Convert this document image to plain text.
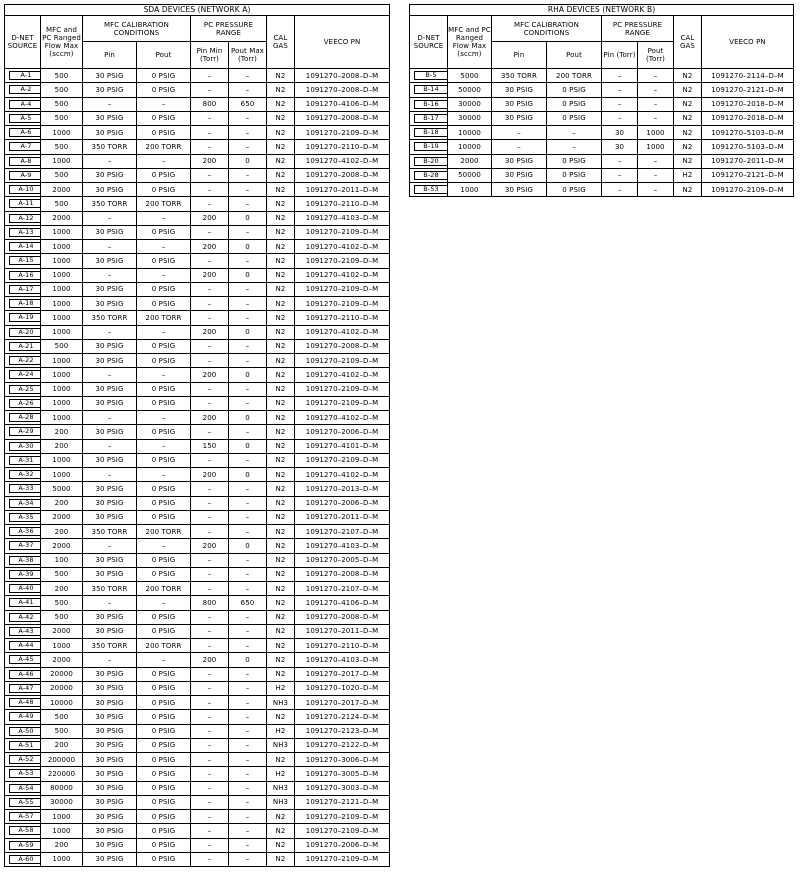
SDA DEVICES (NETWORK A)							
D-NET SOURCE	MFC and PC Ranged Flow Max (sccm)	MFC CALIBRATION CONDITIONS		PC PRESSURE RANGE		CAL GAS	VEECO PN
		Pin	Pout	Pin Min (Torr)	Pout Max (Torr)		
A-1	500	30 PSIG	0 PSIG	–	–	N2	1091270–2008–D–M
A-2	500	30 PSIG	0 PSIG	–	–	N2	1091270–2008–D–M
A-4	500	–	–	800	650	N2	1091270–4106–D–M
A-5	500	30 PSIG	0 PSIG	–	–	N2	1091270–2008–D–M
A-6	1000	30 PSIG	0 PSIG	–	–	N2	1091270–2109–D–M
A-7	500	350 TORR	200 TORR	–	–	N2	1091270–2110–D–M
A-8	1000	–	–	200	0	N2	1091270–4102–D–M
A-9	500	30 PSIG	0 PSIG	–	–	N2	1091270–2008–D–M
A-10	2000	30 PSIG	0 PSIG	–	–	N2	1091270–2011–D–M
A-11	500	350 TORR	200 TORR	–	–	N2	1091270–2110–D–M
A-12	2000	–	–	200	0	N2	1091270–4103–D–M
A-13	1000	30 PSIG	0 PSIG	–	–	N2	1091270–2109–D–M
A-14	1000	–	–	200	0	N2	1091270–4102–D–M
A-15	1000	30 PSIG	0 PSIG	–	–	N2	1091270–2109–D–M
A-16	1000	–	–	200	0	N2	1091270–4102–D–M
A-17	1000	30 PSIG	0 PSIG	–	–	N2	1091270–2109–D–M
A-18	1000	30 PSIG	0 PSIG	–	–	N2	1091270–2109–D–M
A-19	1000	350 TORR	200 TORR	–	–	N2	1091270–2110–D–M
A-20	1000	–	–	200	0	N2	1091270–4102–D–M
A-21	500	30 PSIG	0 PSIG	–	–	N2	1091270–2008–D–M
A-22	1000	30 PSIG	0 PSIG	–	–	N2	1091270–2109–D–M
A-24	1000	–	–	200	0	N2	1091270–4102–D–M
A-25	1000	30 PSIG	0 PSIG	–	–	N2	1091270–2109–D–M
A-26	1000	30 PSIG	0 PSIG	–	–	N2	1091270–2109–D–M
A-28	1000	–	–	200	0	N2	1091270–4102–D–M
A-29	200	30 PSIG	0 PSIG	–	–	N2	1091270–2006–D–M
A-30	200	–	–	150	0	N2	1091270–4101–D–M
A-31	1000	30 PSIG	0 PSIG	–	–	N2	1091270–2109–D–M
A-32	1000	–	–	200	0	N2	1091270–4102–D–M
A-33	5000	30 PSIG	0 PSIG	–	–	N2	1091270–2013–D–M
A-34	200	30 PSIG	0 PSIG	–	–	N2	1091270–2006–D–M
A-35	2000	30 PSIG	0 PSIG	–	–	N2	1091270–2011–D–M
A-36	200	350 TORR	200 TORR	–	–	N2	1091270–2107–D–M
A-37	2000	–	–	200	0	N2	1091270–4103–D–M
A-38	100	30 PSIG	0 PSIG	–	–	N2	1091270–2005–D–M
A-39	500	30 PSIG	0 PSIG	–	–	N2	1091270–2008–D–M
A-40	200	350 TORR	200 TORR	–	–	N2	1091270–2107–D–M
A-41	500	–	–	800	650	N2	1091270–4106–D–M
A-42	500	30 PSIG	0 PSIG	–	–	N2	1091270–2008–D–M
A-43	2000	30 PSIG	0 PSIG	–	–	N2	1091270–2011–D–M
A-44	1000	350 TORR	200 TORR	–	–	N2	1091270–2110–D–M
A-45	2000	–	–	200	0	N2	1091270–4103–D–M
A-46	20000	30 PSIG	0 PSIG	–	–	N2	1091270–2017–D–M
A-47	20000	30 PSIG	0 PSIG	–	–	H2	1091270–1020–D–M
A-48	10000	30 PSIG	0 PSIG	–	–	NH3	1091270–2017–D–M
A-49	500	30 PSIG	0 PSIG	–	–	N2	1091270–2124–D–M
A-50	500	30 PSIG	0 PSIG	–	–	H2	1091270–2123–D–M
A-51	200	30 PSIG	0 PSIG	–	–	NH3	1091270–2122–D–M
A-52	200000	30 PSIG	0 PSIG	–	–	N2	1091270–3006–D–M
A-53	220000	30 PSIG	0 PSIG	–	–	H2	1091270–3005–D–M
A-54	80000	30 PSIG	0 PSIG	–	–	NH3	1091270–3003–D–M
A-55	30000	30 PSIG	0 PSIG	–	–	NH3	1091270–2121–D–M
A-57	1000	30 PSIG	0 PSIG	–	–	N2	1091270–2109–D–M
A-58	1000	30 PSIG	0 PSIG	–	–	N2	1091270–2109–D–M
A-59	200	30 PSIG	0 PSIG	–	–	N2	1091270–2006–D–M
A-60	1000	30 PSIG	0 PSIG	–	–	N2	1091270–2109–D–M
RHA DEVICES (NETWORK B)							
D-NET SOURCE	MFC and PC Ranged Flow Max (sccm)	MFC CALIBRATION CONDITIONS		PC PRESSURE RANGE		CAL GAS	VEECO PN
		Pin	Pout	Pin (Torr)	Pout (Torr)		
B-5	5000	350 TORR	200 TORR	–	–	N2	1091270–2114–D–M
B-14	50000	30 PSIG	0 PSIG	–	–	N2	1091270–2121–D–M
B-16	30000	30 PSIG	0 PSIG	–	–	N2	1091270–2018–D–M
B-17	30000	30 PSIG	0 PSIG	–	–	N2	1091270–2018–D–M
B-18	10000	–	–	30	1000	N2	1091270–5103–D–M
B-19	10000	–	–	30	1000	N2	1091270–5103–D–M
B-20	2000	30 PSIG	0 PSIG	–	–	N2	1091270–2011–D–M
B-28	50000	30 PSIG	0 PSIG	–	–	H2	1091270–2121–D–M
B-53	1000	30 PSIG	0 PSIG	–	–	N2	1091270–2109–D–M
